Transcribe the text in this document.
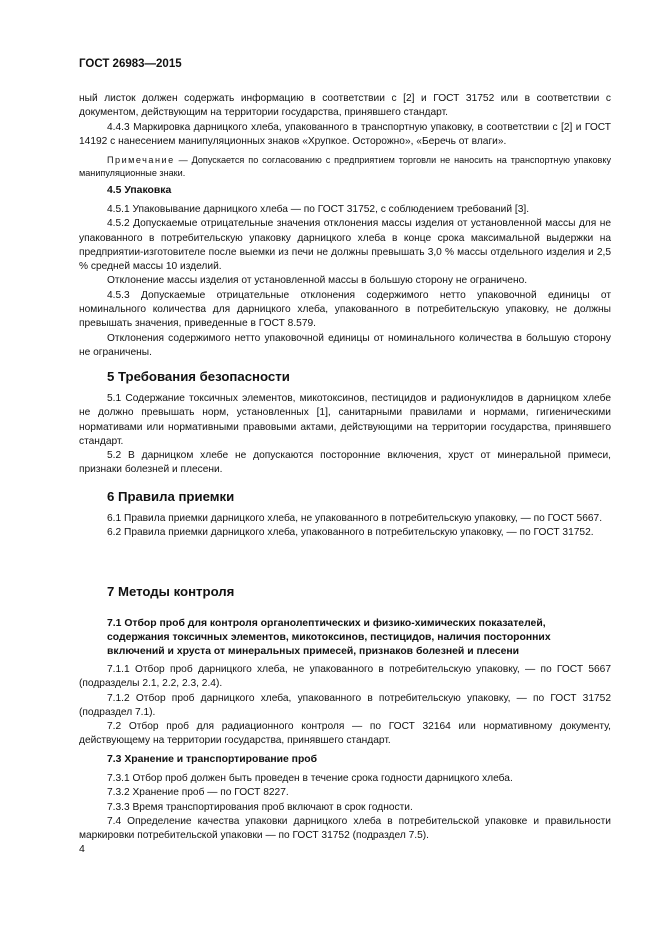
ГОСТ 26983—2015

ный листок должен содержать информацию в соответствии с [2] и ГОСТ 31752 или в соответствии с документом, действующим на территории государства, принявшего стандарт.

4.4.3 Маркировка дарницкого хлеба, упакованного в транспортную упаковку, в соответствии с [2] и ГОСТ 14192 с нанесением манипуляционных знаков «Хрупкое. Осторожно», «Беречь от влаги».

Примечание — Допускается по согласованию с предприятием торговли не наносить на транспортную упаковку манипуляционные знаки.

4.5 Упаковка

4.5.1 Упаковывание дарницкого хлеба — по ГОСТ 31752, с соблюдением требований [3].

4.5.2 Допускаемые отрицательные значения отклонения массы изделия от установленной массы для не упакованного в потребительскую упаковку дарницкого хлеба в конце срока максимальной выдержки на предприятии-изготовителе после выемки из печи не должны превышать 3,0 % массы отдельного изделия и 2,5 % средней массы 10 изделий.

Отклонение массы изделия от установленной массы в большую сторону не ограничено.

4.5.3 Допускаемые отрицательные отклонения содержимого нетто упаковочной единицы от номинального количества для дарницкого хлеба, упакованного в потребительскую упаковку, не должны превышать значения, приведенные в ГОСТ 8.579.

Отклонения содержимого нетто упаковочной единицы от номинального количества в большую сторону не ограничены.

5 Требования безопасности

5.1 Содержание токсичных элементов, микотоксинов, пестицидов и радионуклидов в дарницком хлебе не должно превышать норм, установленных [1], санитарными правилами и нормами, гигиеническими нормативами или нормативными правовыми актами, действующими на территории государства, принявшего стандарт.

5.2 В дарницком хлебе не допускаются посторонние включения, хруст от минеральной примеси, признаки болезней и плесени.

6 Правила приемки

6.1 Правила приемки дарницкого хлеба, не упакованного в потребительскую упаковку, — по ГОСТ 5667.

6.2 Правила приемки дарницкого хлеба, упакованного в потребительскую упаковку, — по ГОСТ 31752.

7 Методы контроля
7.1 Отбор проб для контроля органолептических и физико-химических показателей, содержания токсичных элементов, микотоксинов, пестицидов, наличия посторонних включений и хруста от минеральных примесей, признаков болезней и плесени

7.1.1 Отбор проб дарницкого хлеба, не упакованного в потребительскую упаковку, — по ГОСТ 5667 (подразделы 2.1, 2.2, 2.3, 2.4).

7.1.2 Отбор проб дарницкого хлеба, упакованного в потребительскую упаковку, — по ГОСТ 31752 (подраздел 7.1).

7.2 Отбор проб для радиационного контроля — по ГОСТ 32164 или нормативному документу, действующему на территории государства, принявшего стандарт.

7.3 Хранение и транспортирование проб

7.3.1 Отбор проб должен быть проведен в течение срока годности дарницкого хлеба.

7.3.2 Хранение проб — по ГОСТ 8227.

7.3.3 Время транспортирования проб включают в срок годности.

7.4 Определение качества упаковки дарницкого хлеба в потребительской упаковке и правильности маркировки потребительской упаковки — по ГОСТ 31752 (подраздел 7.5).

4
